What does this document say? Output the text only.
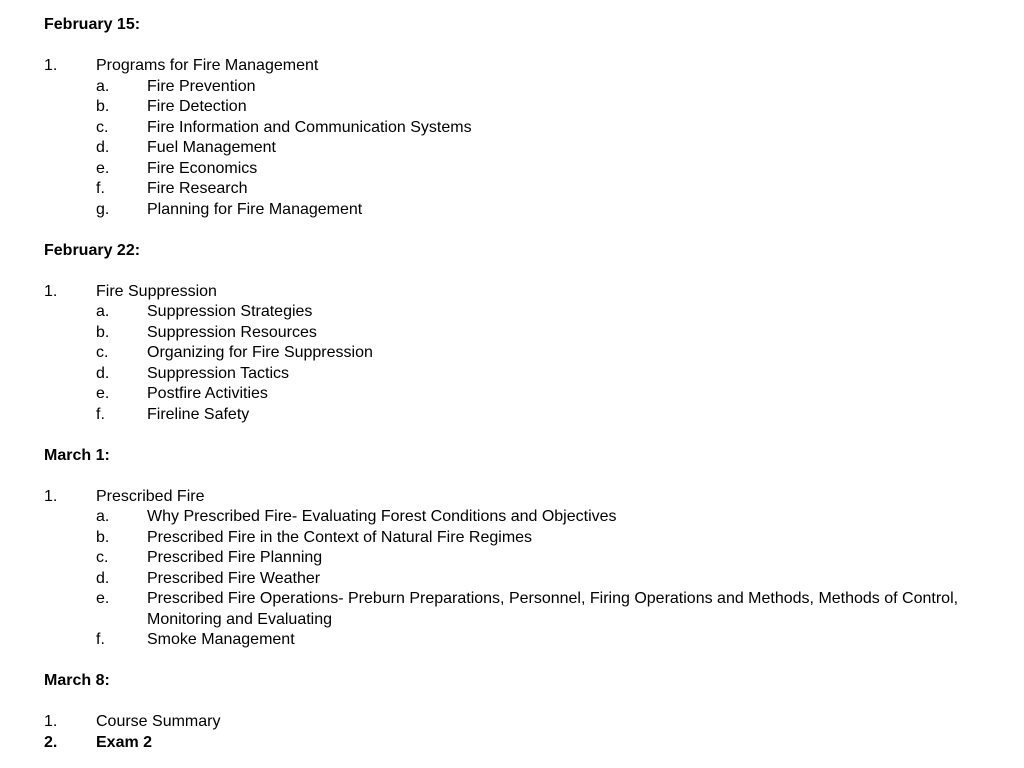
February 15:
1. Programs for Fire Management
a. Fire Prevention
b. Fire Detection
c. Fire Information and Communication Systems
d. Fuel Management
e. Fire Economics
f.	Fire Research
g. Planning for Fire Management
February 22:
1. Fire Suppression
a. Suppression Strategies
b. Suppression Resources
c. Organizing for Fire Suppression
d. Suppression Tactics
e. Postfire Activities
f.	Fireline Safety
March 1:
1. Prescribed Fire
a. Why Prescribed Fire- Evaluating Forest Conditions and Objectives
b. Prescribed Fire in the Context of Natural Fire Regimes
c. Prescribed Fire Planning
d. Prescribed Fire Weather
e. Prescribed Fire Operations- Preburn Preparations, Personnel, Firing Operations and Methods, Methods of Control, Monitoring and Evaluating
f.	Smoke Management
March 8:
1. Course Summary
2. Exam 2
